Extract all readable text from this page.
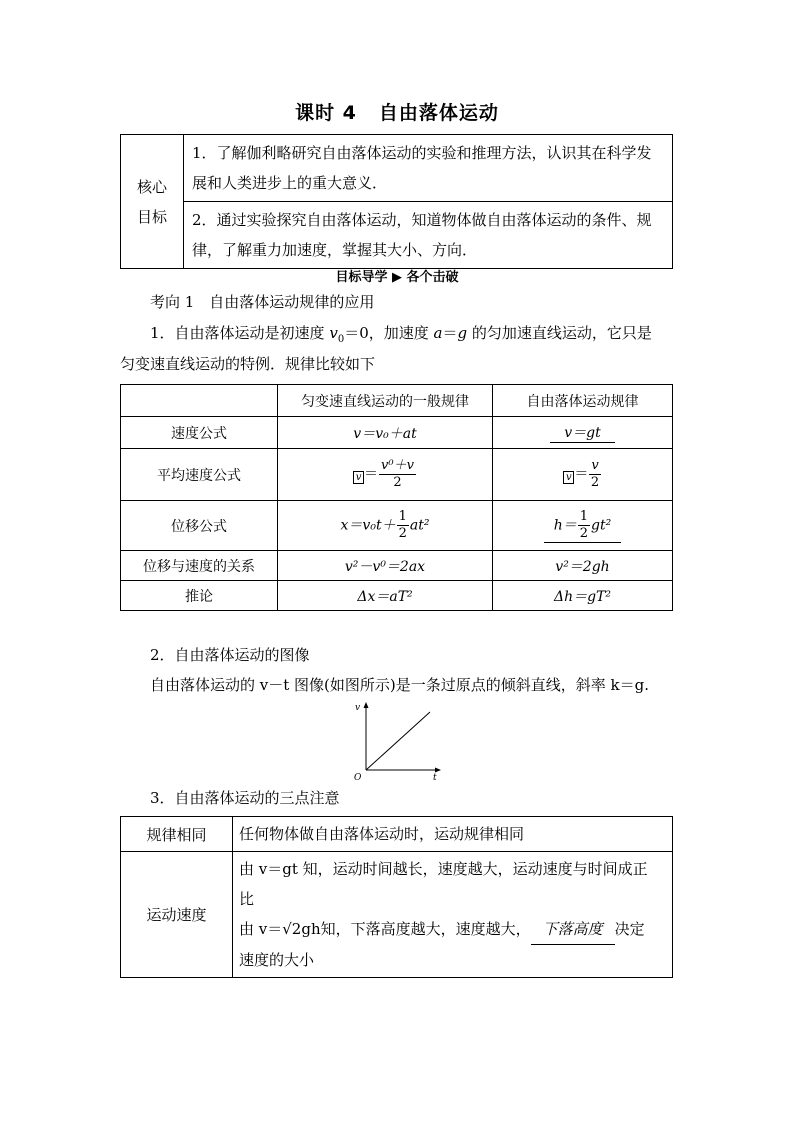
课时 4 自由落体运动
核心
目标
	1．了解伽利略研究自由落体运动的实验和推理方法，认识其在科学发展和人类进步上的重大意义．
2．通过实验探究自由落体运动，知道物体做自由落体运动的条件、规律，了解重力加速度，掌握其大小、方向．
目标导学 ▶ 各个击破
考向 1　自由落体运动规律的应用
1．自由落体运动是初速度 $v_0=0$，加速度 a＝g 的匀加速直线运动，它只是
匀变速直线运动的特例．规律比较如下
	匀变速直线运动的一般规律	自由落体运动规律
速度公式	v＝v₀＋at	v＝gt
平均速度公式	$v = \frac{\text{v⁰＋v}}{2}$	$v = \frac{v}{2}$

位移公式	$x=v_0t+ \frac{1}{2} at^2$	$h= \frac{1}{2} gt^2$
位移与速度的关系	v²－v⁰＝2ax	v²＝2gh
推论	Δx＝aT²	Δh＝gT²
2．自由落体运动的图像
自由落体运动的 v－t 图像(如图所示)是一条过原点的倾斜直线，斜率 k＝g.
v
t
O
3．自由落体运动的三点注意
规律相同	任何物体做自由落体运动时，运动规律相同
运动速度	由 v＝gt 知，运动时间越长，速度越大，运动速度与时间成正
比
由 v＝√2gh知，下落高度越大，速度越大， 下落高度 决定
速度的大小
